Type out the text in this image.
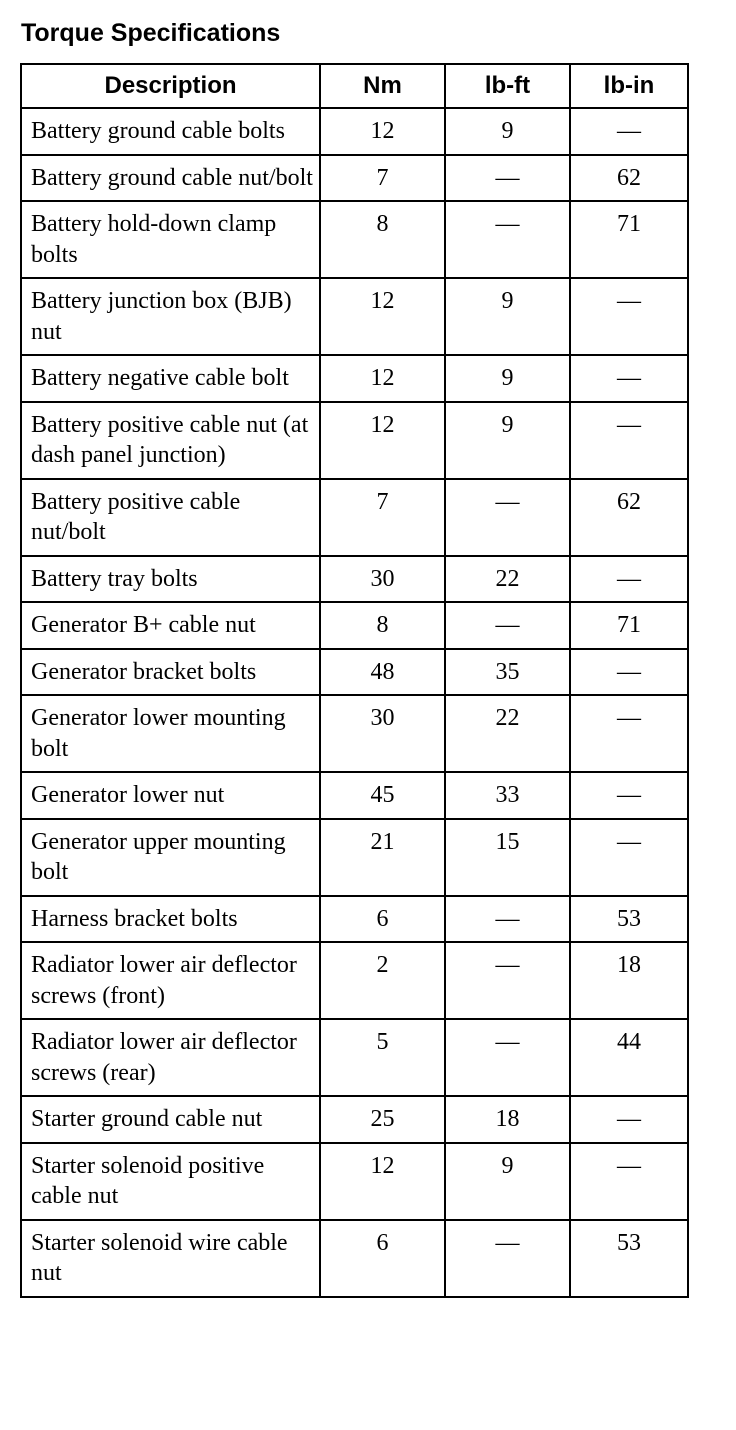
Torque Specifications
Description	Nm	lb-ft	lb-in
Battery ground cable bolts	12	9	—
Battery ground cable nut/bolt	7	—	62
Battery hold-down clamp bolts	8	—	71
Battery junction box (BJB) nut	12	9	—
Battery negative cable bolt	12	9	—
Battery positive cable nut (at dash panel junction)	12	9	—
Battery positive cable nut/bolt	7	—	62
Battery tray bolts	30	22	—
Generator B+ cable nut	8	—	71
Generator bracket bolts	48	35	—
Generator lower mounting bolt	30	22	—
Generator lower nut	45	33	—
Generator upper mounting bolt	21	15	—
Harness bracket bolts	6	—	53
Radiator lower air deflector screws (front)	2	—	18
Radiator lower air deflector screws (rear)	5	—	44
Starter ground cable nut	25	18	—
Starter solenoid positive cable nut	12	9	—
Starter solenoid wire cable nut	6	—	53
